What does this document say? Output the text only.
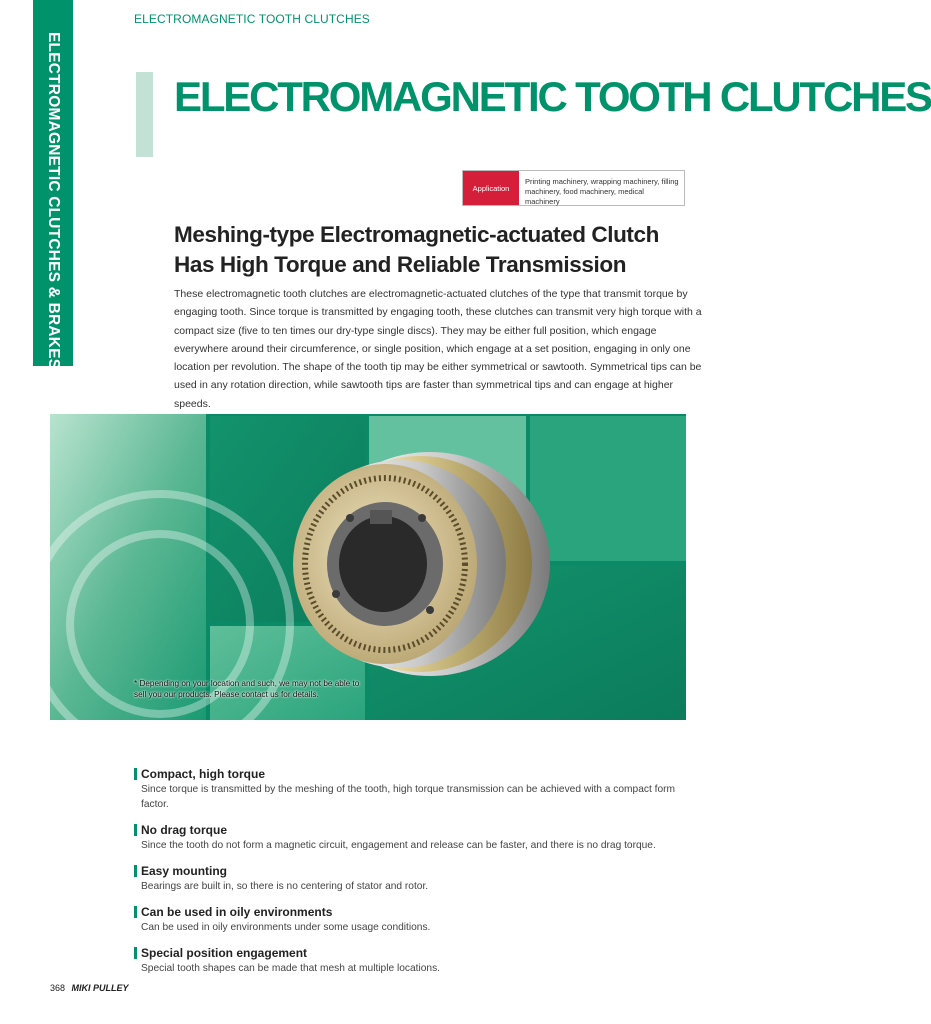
ELECTROMAGNETIC TOOTH CLUTCHES
ELECTROMAGNETIC CLUTCHES & BRAKES	ELECTROMAGNETIC TOOTH CLUTCHES
Application
Printing machinery, wrapping machinery, filling machinery, food machinery, medical machinery
Meshing-type Electromagnetic-actuated Clutch
Has High Torque and Reliable Transmission
These electromagnetic tooth clutches are electromagnetic-actuated clutches of the type that transmit torque by engaging tooth. Since torque is transmitted by engaging tooth, these clutches can transmit very high torque with a compact size (five to ten times our dry-type single discs). They may be either full position, which engage everywhere around their circumference, or single position, which engage at a set position, engaging in only one location per revolution. The shape of the tooth tip may be either symmetrical or sawtooth. Symmetrical tips can be used in any rotation direction, while sawtooth tips are faster than symmetrical tips and can engage at higher speeds.
* Depending on your location and such, we may not be able to
sell you our products. Please contact us for details.
Compact, high torque
Since torque is transmitted by the meshing of the tooth, high torque transmission can be achieved with a compact form factor.
No drag torque
Since the tooth do not form a magnetic circuit, engagement and release can be faster, and there is no drag torque.
Easy mounting
Bearings are built in, so there is no centering of stator and rotor.
Can be used in oily environments
Can be used in oily environments under some usage conditions.
Special position engagement
Special tooth shapes can be made that mesh at multiple locations.
368 MIKI PULLEY
